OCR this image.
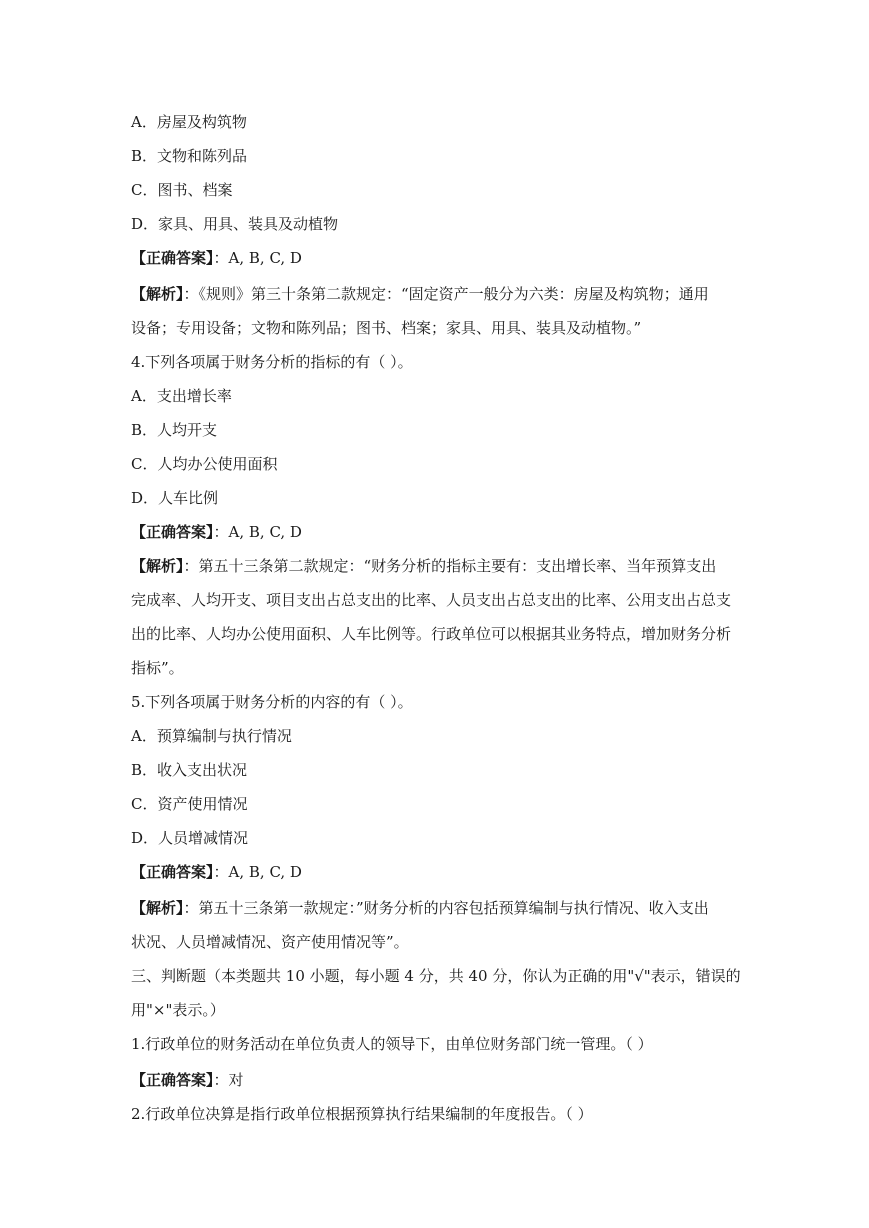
A．房屋及构筑物
B．文物和陈列品
C．图书、档案
D．家具、用具、装具及动植物
【正确答案】：A, B, C, D
【解析】：《规则》第三十条第二款规定：“固定资产一般分为六类：房屋及构筑物；通用
设备；专用设备；文物和陈列品；图书、档案；家具、用具、装具及动植物。”
4.下列各项属于财务分析的指标的有（ ）。
A．支出增长率
B．人均开支
C．人均办公使用面积
D．人车比例
【正确答案】：A, B, C, D
【解析】：第五十三条第二款规定：“财务分析的指标主要有：支出增长率、当年预算支出
完成率、人均开支、项目支出占总支出的比率、人员支出占总支出的比率、公用支出占总支
出的比率、人均办公使用面积、人车比例等。行政单位可以根据其业务特点，增加财务分析
指标”。
5.下列各项属于财务分析的内容的有（ ）。
A．预算编制与执行情况
B．收入支出状况
C．资产使用情况
D．人员增减情况
【正确答案】：A, B, C, D
【解析】：第五十三条第一款规定：”财务分析的内容包括预算编制与执行情况、收入支出
状况、人员增减情况、资产使用情况等”。
三、判断题（本类题共 10 小题，每小题 4 分，共 40 分，你认为正确的用"√"表示，错误的
用"×"表示。）
1.行政单位的财务活动在单位负责人的领导下，由单位财务部门统一管理。（ ）
【正确答案】：对
2.行政单位决算是指行政单位根据预算执行结果编制的年度报告。（ ）
